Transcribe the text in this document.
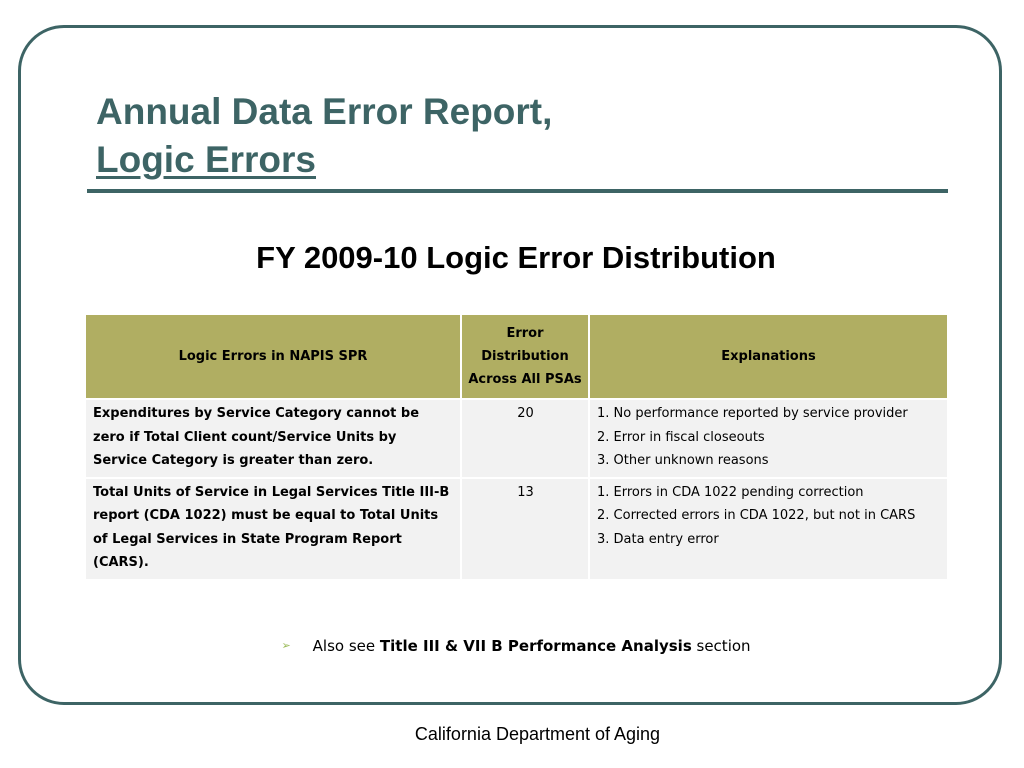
Annual Data Error Report,
Logic Errors
FY 2009-10 Logic Error Distribution
Logic Errors in NAPIS SPR	Error Distribution Across All PSAs	Explanations
Expenditures by Service Category cannot be zero if Total Client count/Service Units by Service Category is greater than zero.	20	1. No performance reported by service provider
2. Error in fiscal closeouts
3. Other unknown reasons

Total Units of Service in Legal Services Title III-B report (CDA 1022) must be equal to Total Units of Legal Services in State Program Report (CARS).	13	1. Errors in CDA 1022 pending correction
2. Corrected errors in CDA 1022, but not in CARS
3. Data entry error
➢ Also see Title III & VII B Performance Analysis section
California Department of Aging
